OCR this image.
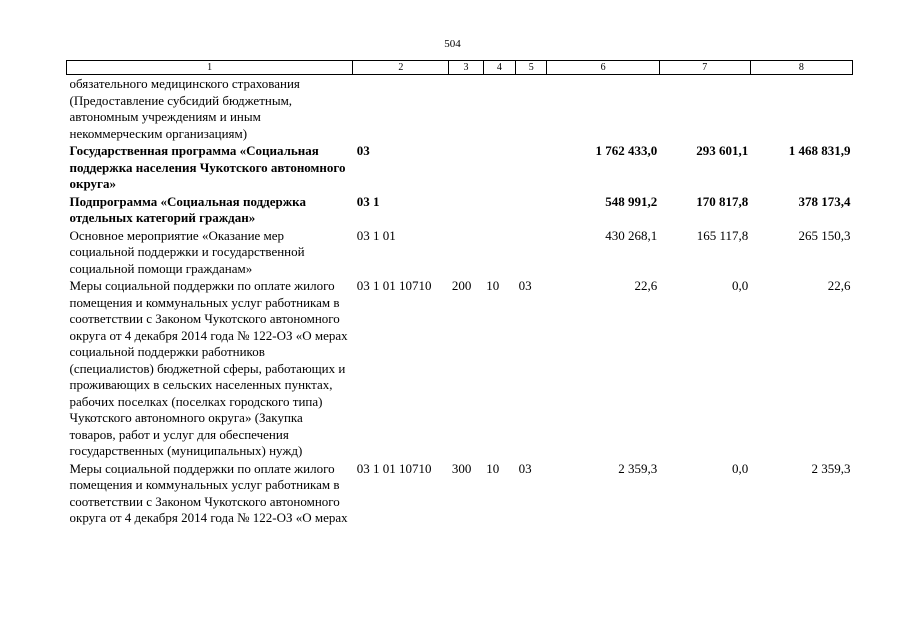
504
1	2	3	4	5	6	7	8
обязательного медицинского страхования (Предоставление субсидий бюджетным, автономным учреждениям и иным некоммерческим организациям)							
Государственная программа «Социальная поддержка населения Чукотского автономного округа»	03				1 762 433,0	293 601,1	1 468 831,9
Подпрограмма «Социальная поддержка отдельных категорий граждан»	03 1				548 991,2	170 817,8	378 173,4
Основное мероприятие «Оказание мер социальной поддержки и государственной социальной помощи гражданам»	03 1 01				430 268,1	165 117,8	265 150,3
Меры социальной поддержки по оплате жилого помещения и коммунальных услуг работникам в соответствии с Законом Чукотского автономного округа от 4 декабря 2014 года № 122-ОЗ «О мерах социальной поддержки работников (специалистов) бюджетной сферы, работающих и проживающих в сельских населенных пунктах, рабочих поселках (поселках городского типа) Чукотского автономного округа» (Закупка товаров, работ и услуг для обеспечения государственных (муниципальных) нужд)	03 1 01 10710	200	10	03	22,6	0,0	22,6
Меры социальной поддержки по оплате жилого помещения и коммунальных услуг работникам в соответствии с Законом Чукотского автономного округа от 4 декабря 2014 года № 122-ОЗ «О мерах	03 1 01 10710	300	10	03	2 359,3	0,0	2 359,3
